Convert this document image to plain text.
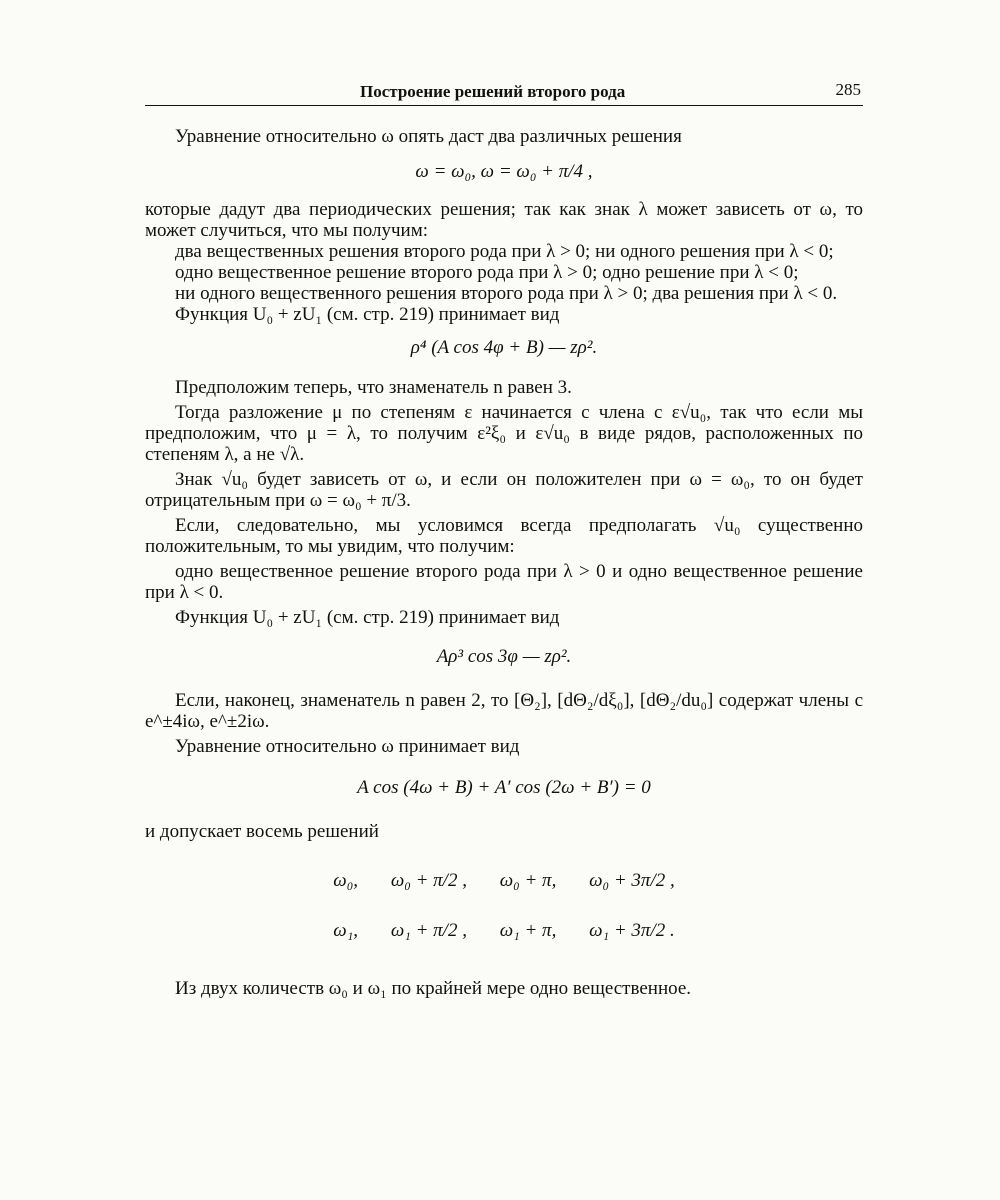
Построение решений второго рода	285

Уравнение относительно ω опять даст два различных решения

ω = ω₀, ω = ω₀ + π/4 ,

которые дадут два периодических решения; так как знак λ может зависеть от ω, то может случиться, что мы получим:

два вещественных решения второго рода при λ > 0; ни одного решения при λ < 0;

одно вещественное решение второго рода при λ > 0; одно решение при λ < 0;

ни одного вещественного решения второго рода при λ > 0; два решения при λ < 0.

Функция U₀ + zU₁ (см. стр. 219) принимает вид

ρ⁴ (A cos 4φ + B) — zρ².

Предположим теперь, что знаменатель n равен 3.

Тогда разложение μ по степеням ε начинается с члена с ε√u₀, так что если мы предположим, что μ = λ, то получим ε²ξ₀ и ε√u₀ в виде рядов, расположенных по степеням λ, а не √λ.

Знак √u₀ будет зависеть от ω, и если он положителен при ω = ω₀, то он будет отрицательным при ω = ω₀ + π/3.

Если, следовательно, мы условимся всегда предполагать √u₀ существенно положительным, то мы увидим, что получим:

одно вещественное решение второго рода при λ > 0 и одно вещественное решение при λ < 0.

Функция U₀ + zU₁ (см. стр. 219) принимает вид

Aρ³ cos 3φ — zρ².

Если, наконец, знаменатель n равен 2, то [Θ₂], [dΘ₂/dξ₀], [dΘ₂/du₀] содержат члены с e^±4iω, e^±2iω.

Уравнение относительно ω принимает вид

A cos (4ω + B) + A′ cos (2ω + B′) = 0

и допускает восемь решений

ω₀, ω₀ + π/2 , ω₀ + π, ω₀ + 3π/2 ,
ω₁, ω₁ + π/2 , ω₁ + π, ω₁ + 3π/2 .

Из двух количеств ω₀ и ω₁ по крайней мере одно вещественное.
